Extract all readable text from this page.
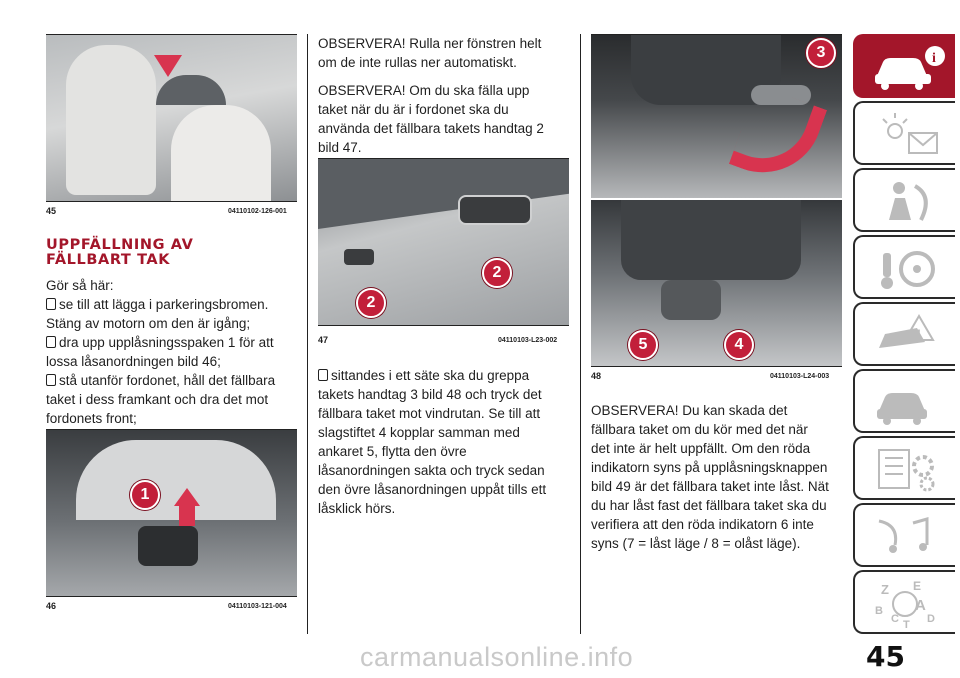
45	04110102-126-001
UPPFÄLLNING AV
FÄLLBART TAK
Gör så här:
se till att lägga i parkeringsbromen.
Stäng av motorn om den är igång;
dra upp upplåsningsspaken 1 för att
lossa låsanordningen bild 46;
stå utanför fordonet, håll det fällbara
taket i dess framkant och dra det mot
fordonets front;
1
46	04110103-121-004

OBSERVERA! Rulla ner fönstren helt
om de inte rullas ner automatiskt.

OBSERVERA! Om du ska fälla upp
taket när du är i fordonet ska du
använda det fällbara takets handtag 2
bild 47.

2
2
47	04110103-L23-002
sittandes i ett säte ska du greppa
takets handtag 3 bild 48 och tryck det
fällbara taket mot vindrutan. Se till att
slagstiftet 4 kopplar samman med
ankaret 5, flytta den övre
låsanordningen sakta och tryck sedan
den övre låsanordningen uppåt tills ett
låsklick hörs.
3
5	4
48	04110103-L24-003
OBSERVERA! Du kan skada det
fällbara taket om du kör med det när
det inte är helt uppfällt. Om den röda
indikatorn syns på upplåsningsknappen
bild 49 är det fällbara taket inte låst. Nät
du har låst fast det fällbara taket ska du
verifiera att den röda indikatorn 6 inte
syns (7 = låst läge / 8 = olåst läge).
i
!
Z E
B A
C T D
45
carmanualsonline.info
